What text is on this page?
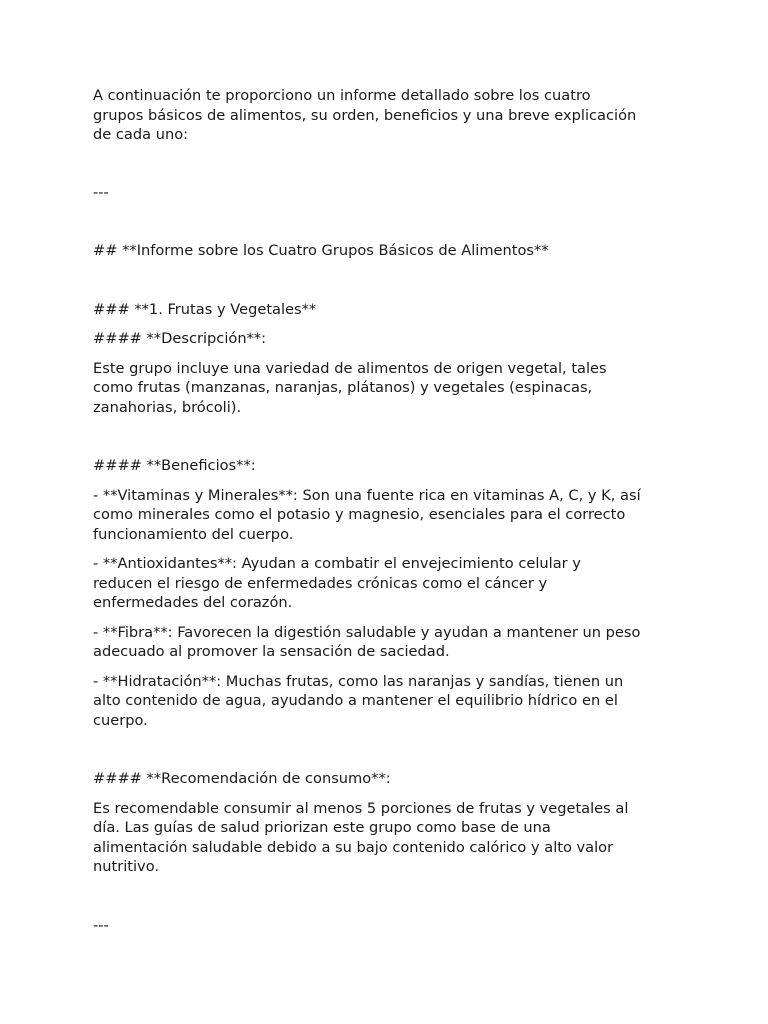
A continuación te proporciono un informe detallado sobre los cuatro
grupos básicos de alimentos, su orden, beneficios y una breve explicación
de cada uno:

---

## **Informe sobre los Cuatro Grupos Básicos de Alimentos**

### **1. Frutas y Vegetales**

#### **Descripción**:

Este grupo incluye una variedad de alimentos de origen vegetal, tales
como frutas (manzanas, naranjas, plátanos) y vegetales (espinacas,
zanahorias, brócoli).

#### **Beneficios**:

- **Vitaminas y Minerales**: Son una fuente rica en vitaminas A, C, y K, así
como minerales como el potasio y magnesio, esenciales para el correcto
funcionamiento del cuerpo.

- **Antioxidantes**: Ayudan a combatir el envejecimiento celular y
reducen el riesgo de enfermedades crónicas como el cáncer y
enfermedades del corazón.

- **Fibra**: Favorecen la digestión saludable y ayudan a mantener un peso
adecuado al promover la sensación de saciedad.

- **Hidratación**: Muchas frutas, como las naranjas y sandías, tienen un
alto contenido de agua, ayudando a mantener el equilibrio hídrico en el
cuerpo.

#### **Recomendación de consumo**:

Es recomendable consumir al menos 5 porciones de frutas y vegetales al
día. Las guías de salud priorizan este grupo como base de una
alimentación saludable debido a su bajo contenido calórico y alto valor
nutritivo.

---
